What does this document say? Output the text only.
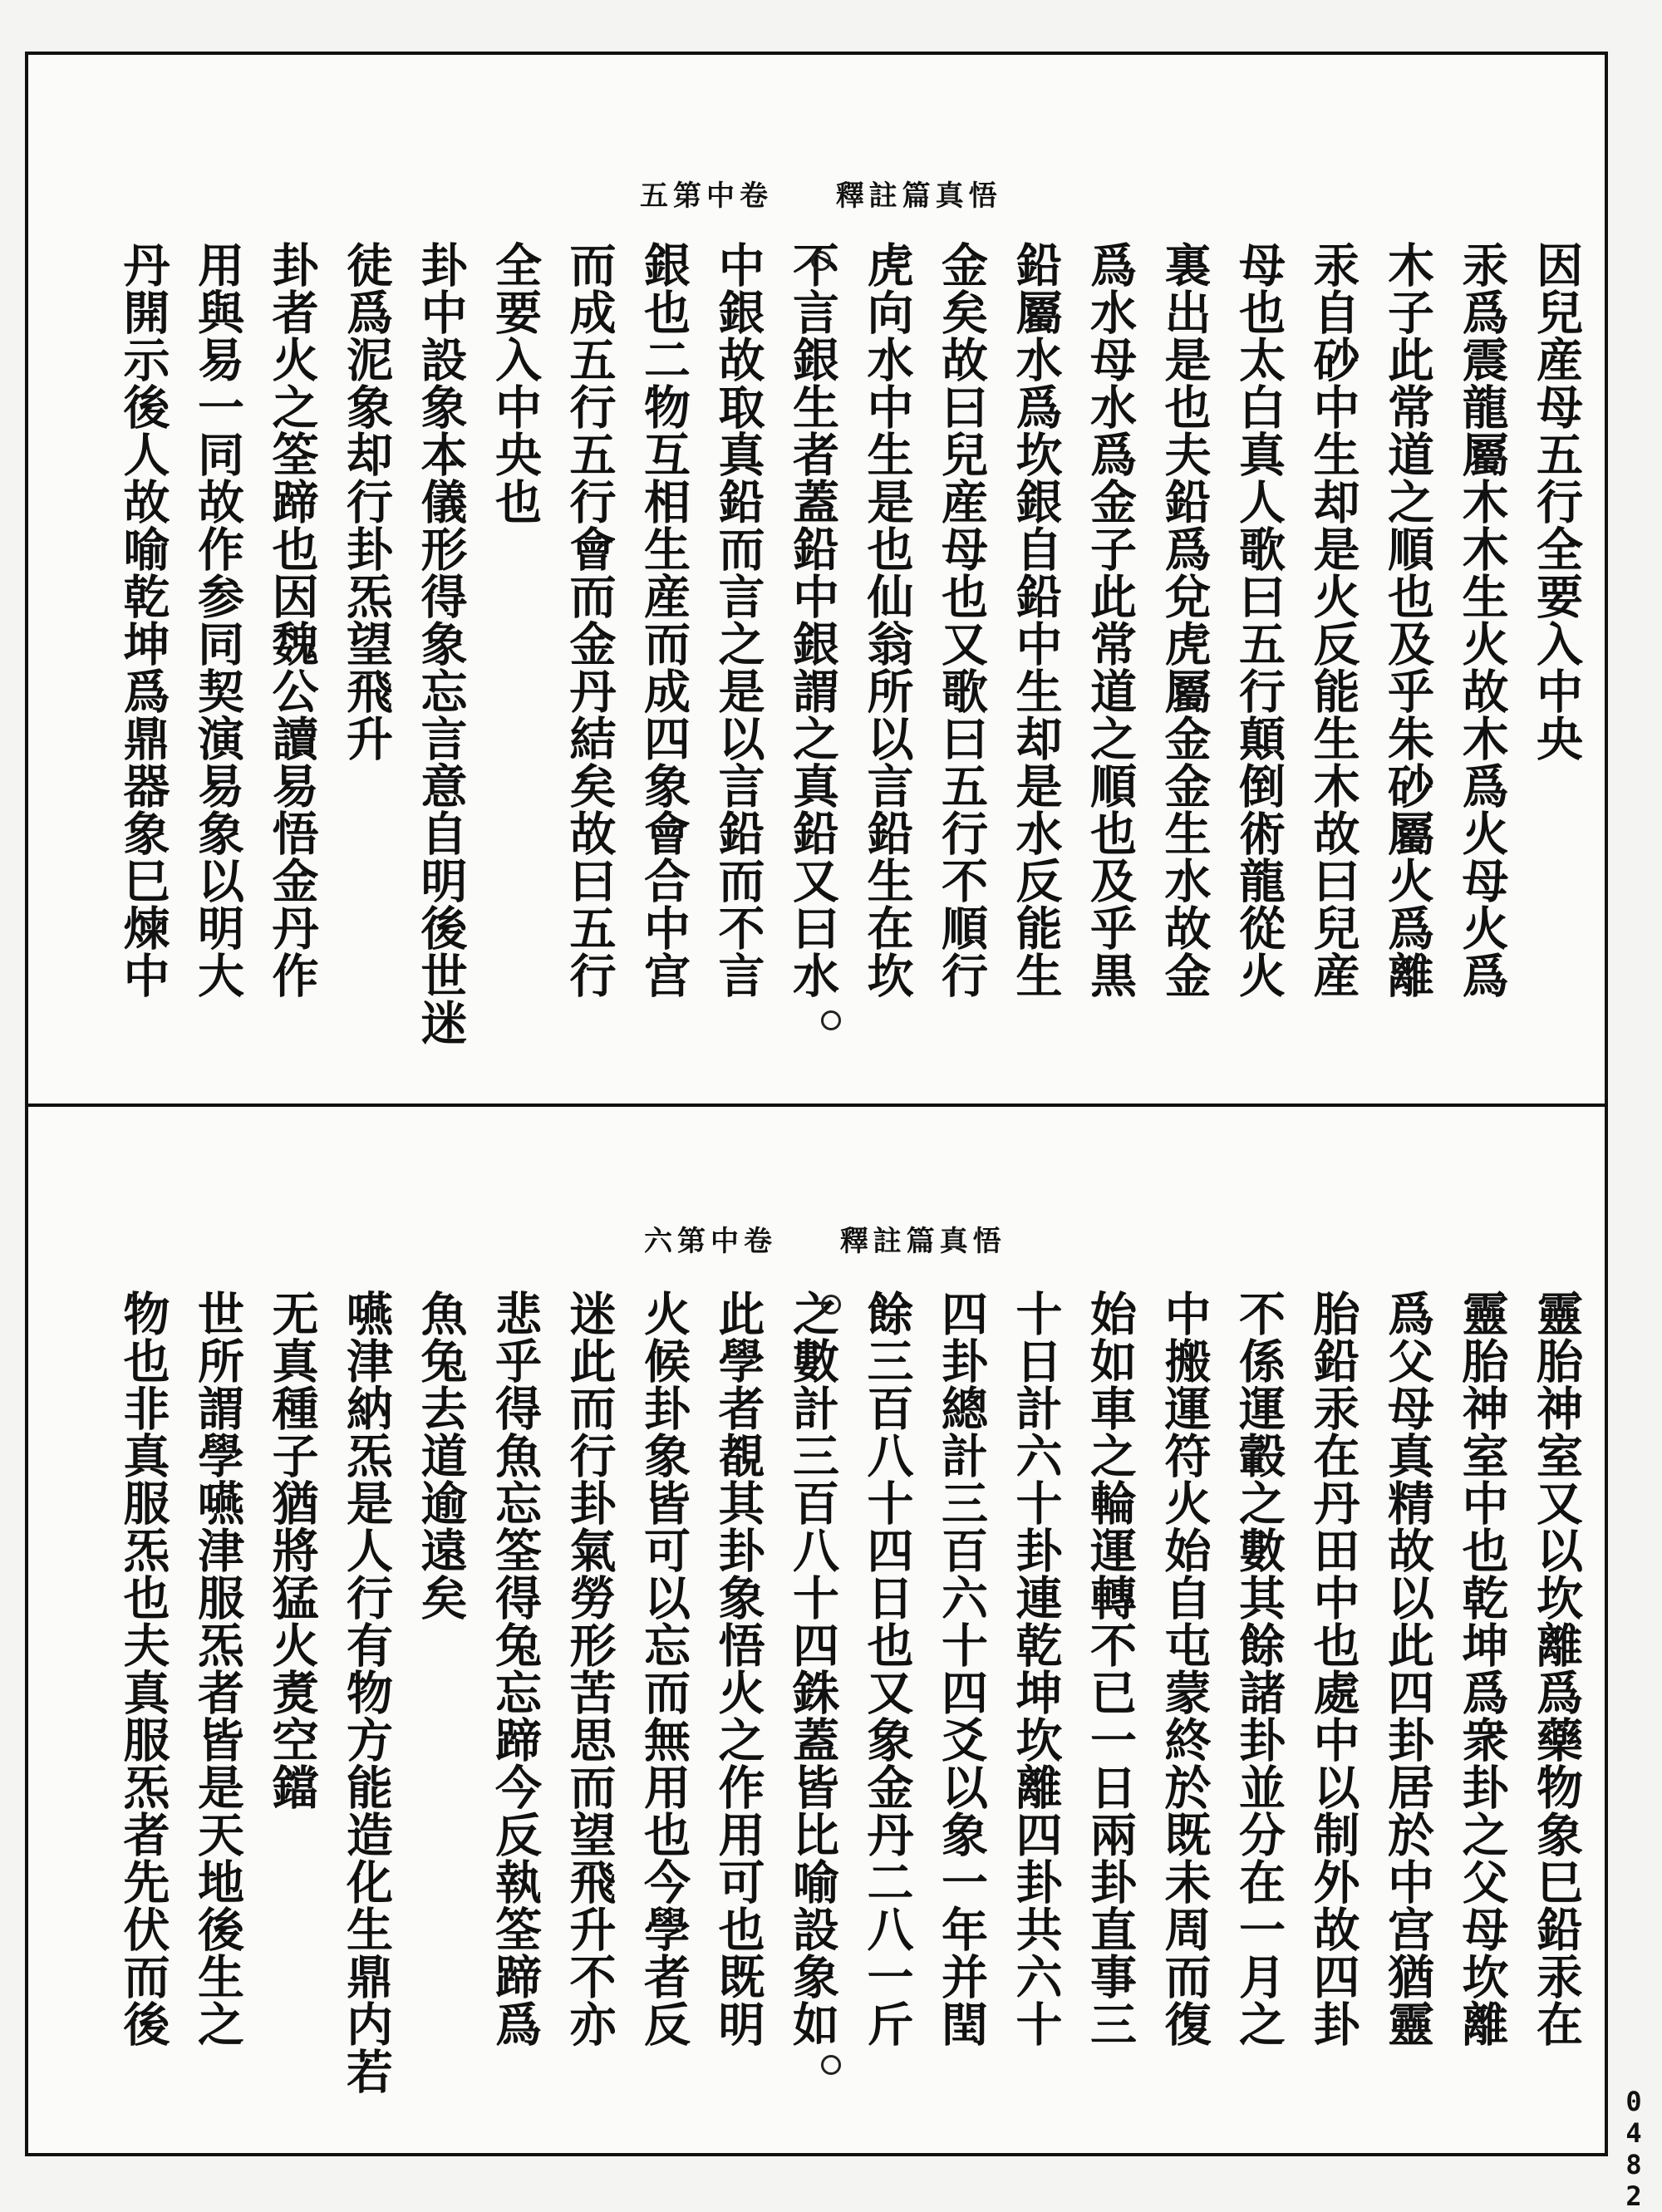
五第中卷 釋註篇真悟
六第中卷 釋註篇真悟
因兒産母五行全要入中央
汞爲震龍屬木木生火故木爲火母火爲
木子此常道之順也及乎朱砂屬火爲離
汞自砂中生却是火反能生木故曰兒産
母也太白真人歌曰五行顛倒術龍從火
裏出是也夫鉛爲兌虎屬金金生水故金
爲水母水爲金子此常道之順也及乎黒
鉛屬水爲坎銀自鉛中生却是水反能生
金矣故曰兒産母也又歌曰五行不順行
虎向水中生是也仙翁所以言鉛生在坎
不言銀生者蓋鉛中銀謂之真鉛又曰水
中銀故取真鉛而言之是以言鉛而不言
銀也二物互相生産而成四象會合中宫
而成五行五行會而金丹結矣故曰五行
全要入中央也
卦中設象本儀形得象忘言意自明後世迷
徒爲泥象却行卦炁望飛升
卦者火之筌蹄也因魏公讀易悟金丹作
用與易一同故作参同契演易象以明大
丹開示後人故喻乾坤爲鼎器象巳煉中
靈胎神室又以坎離爲藥物象巳鉛汞在
靈胎神室中也乾坤爲衆卦之父母坎離
爲父母真精故以此四卦居於中宫猶靈
胎鉛汞在丹田中也處中以制外故四卦
不係運轂之數其餘諸卦並分在一月之
中搬運符火始自屯蒙終於既未周而復
始如車之輪運轉不已一日兩卦直事三
十日計六十卦連乾坤坎離四卦共六十
四卦總計三百六十四爻以象一年并閏
餘三百八十四日也又象金丹二八一斤
之數計三百八十四銖蓋皆比喻設象如
此學者覩其卦象悟火之作用可也既明
火候卦象皆可以忘而無用也今學者反
迷此而行卦氣勞形苦思而望飛升不亦
悲乎得魚忘筌得兔忘蹄今反執筌蹄爲
魚兔去道逾遠矣
嚥津納炁是人行有物方能造化生鼎内若
无真種子猶將猛火煑空鐺
世所謂學嚥津服炁者皆是天地後生之
物也非真服炁也夫真服炁者先伏而後
0482
